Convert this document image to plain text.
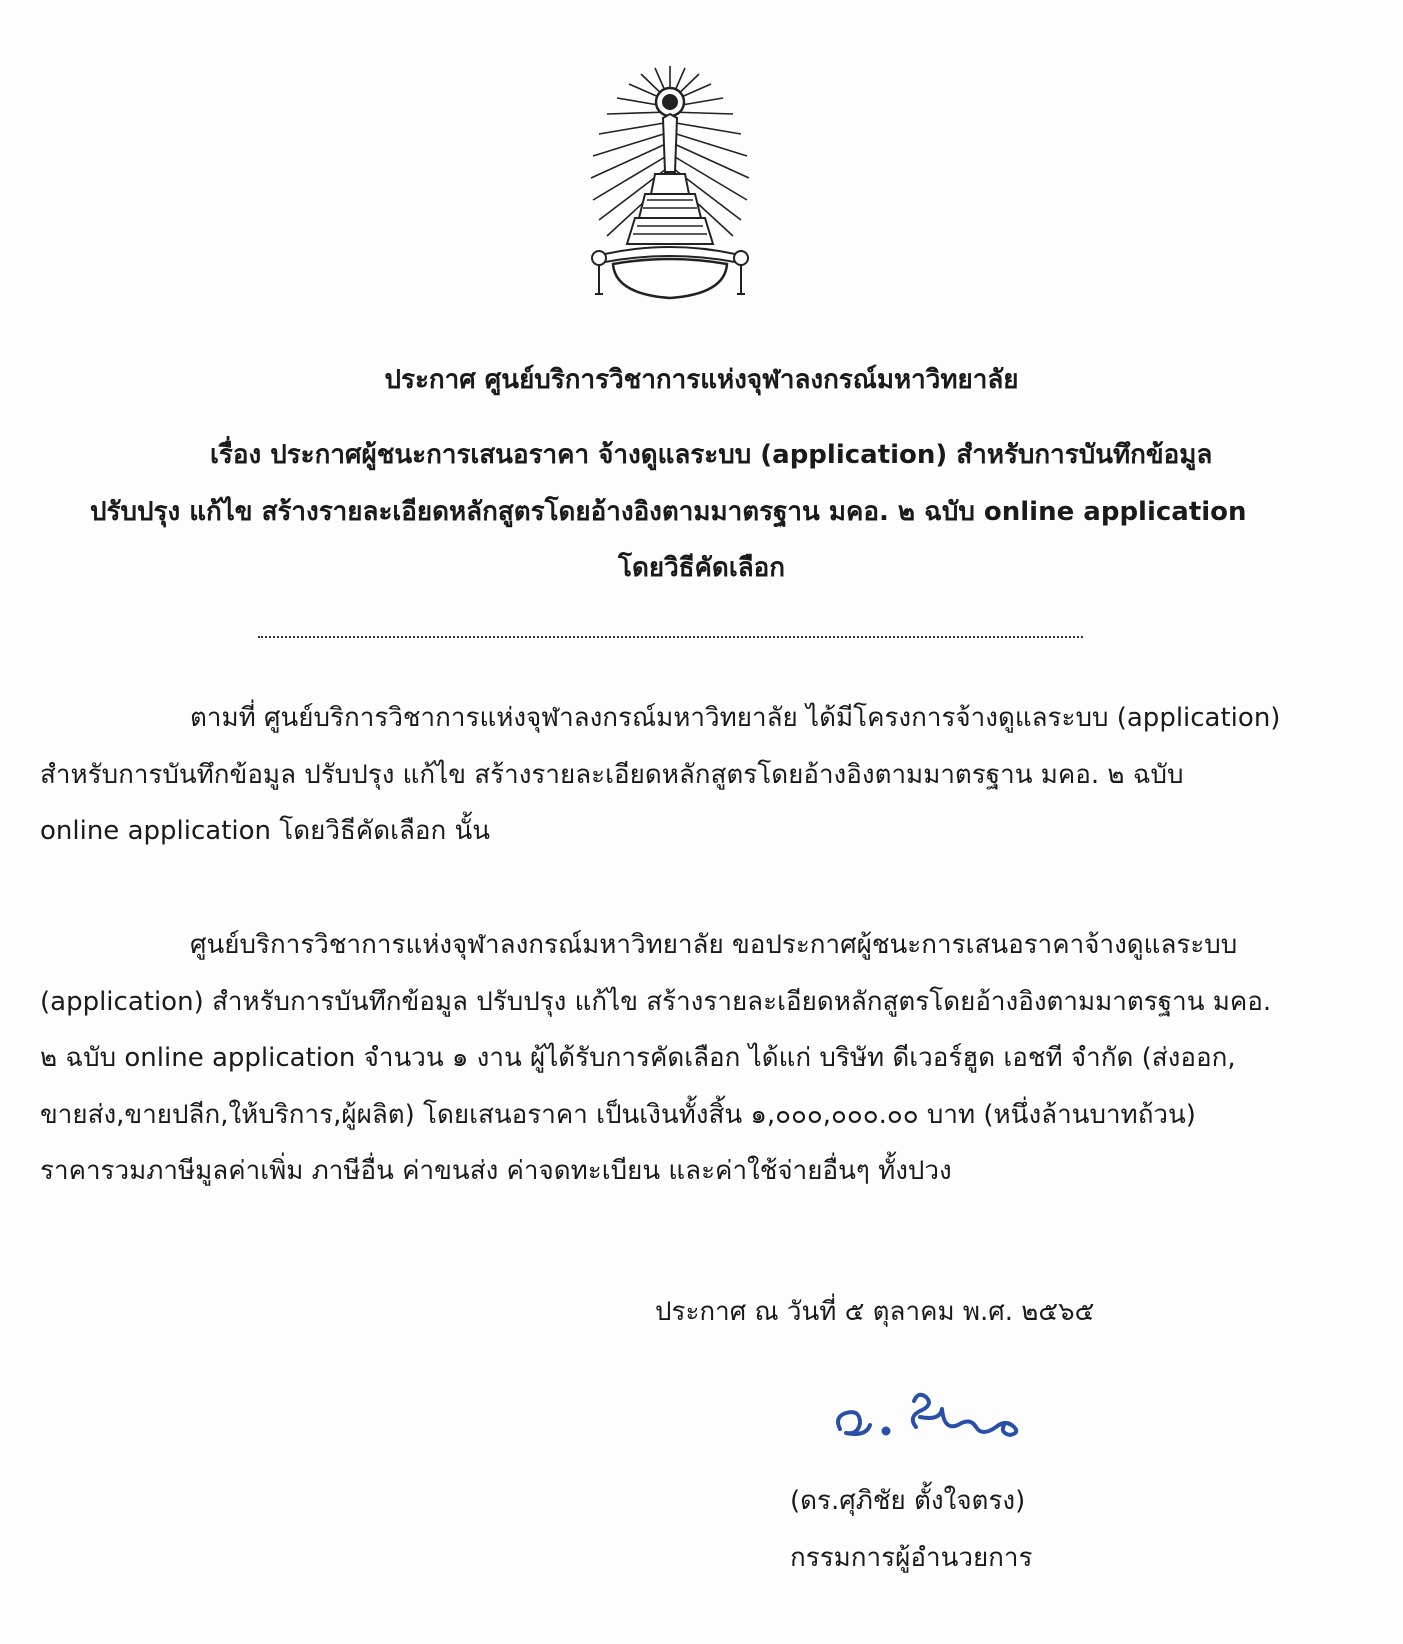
ประกาศ ศูนย์บริการวิชาการแห่งจุฬาลงกรณ์มหาวิทยาลัย
เรื่อง ประกาศผู้ชนะการเสนอราคา จ้างดูแลระบบ (application) สำหรับการบันทึกข้อมูล
ปรับปรุง แก้ไข สร้างรายละเอียดหลักสูตรโดยอ้างอิงตามมาตรฐาน มคอ. ๒ ฉบับ online application
โดยวิธีคัดเลือก
ตามที่ ศูนย์บริการวิชาการแห่งจุฬาลงกรณ์มหาวิทยาลัย ได้มีโครงการจ้างดูแลระบบ (application)
สำหรับการบันทึกข้อมูล ปรับปรุง แก้ไข สร้างรายละเอียดหลักสูตรโดยอ้างอิงตามมาตรฐาน มคอ. ๒ ฉบับ
online application โดยวิธีคัดเลือก นั้น
ศูนย์บริการวิชาการแห่งจุฬาลงกรณ์มหาวิทยาลัย ขอประกาศผู้ชนะการเสนอราคาจ้างดูแลระบบ
(application) สำหรับการบันทึกข้อมูล ปรับปรุง แก้ไข สร้างรายละเอียดหลักสูตรโดยอ้างอิงตามมาตรฐาน มคอ.
๒ ฉบับ online application จำนวน ๑ งาน ผู้ได้รับการคัดเลือก ได้แก่ บริษัท ดีเวอร์ฮูด เอชที จำกัด (ส่งออก,
ขายส่ง,ขายปลีก,ให้บริการ,ผู้ผลิต) โดยเสนอราคา เป็นเงินทั้งสิ้น ๑,๐๐๐,๐๐๐.๐๐ บาท (หนึ่งล้านบาทถ้วน)
ราคารวมภาษีมูลค่าเพิ่ม ภาษีอื่น ค่าขนส่ง ค่าจดทะเบียน และค่าใช้จ่ายอื่นๆ ทั้งปวง
ประกาศ ณ วันที่ ๕ ตุลาคม พ.ศ. ๒๕๖๕
(ดร.ศุภิชัย ตั้งใจตรง)
กรรมการผู้อำนวยการ
